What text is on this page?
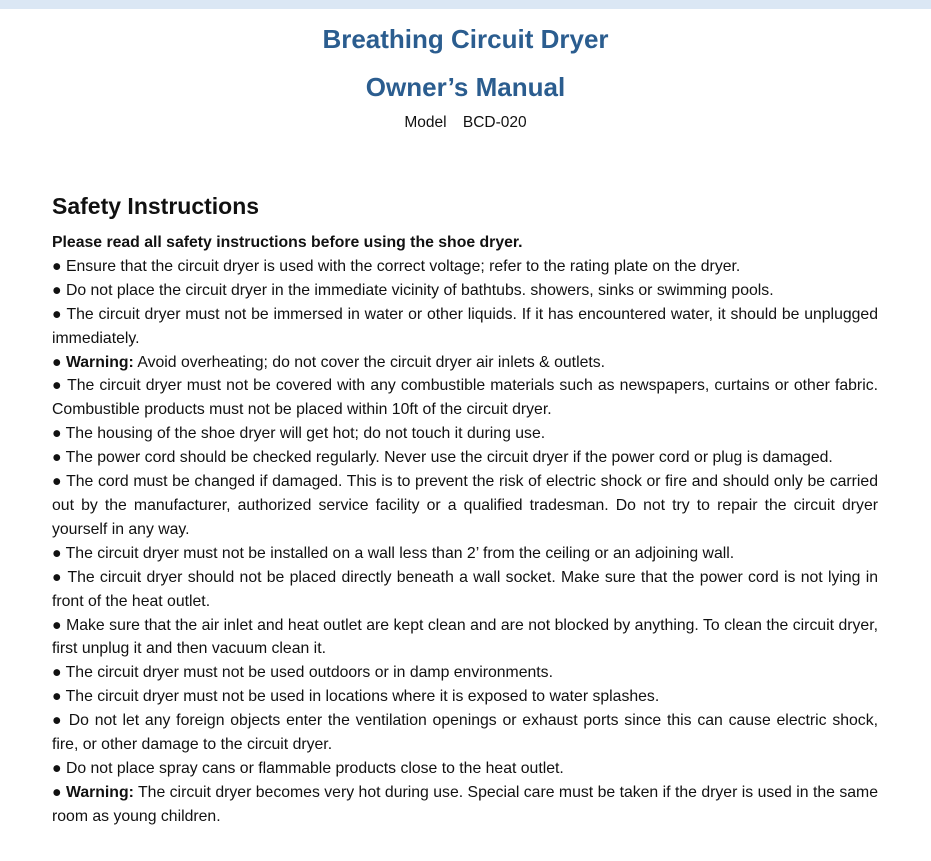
Breathing Circuit Dryer
Owner’s Manual
Model BCD-020
Safety Instructions

Please read all safety instructions before using the shoe dryer.

● Ensure that the circuit dryer is used with the correct voltage; refer to the rating plate on the dryer.

● Do not place the circuit dryer in the immediate vicinity of bathtubs. showers, sinks or swimming pools.

● The circuit dryer must not be immersed in water or other liquids. If it has encountered water, it should be unplugged immediately.

● Warning: Avoid overheating; do not cover the circuit dryer air inlets & outlets.

● The circuit dryer must not be covered with any combustible materials such as newspapers, curtains or other fabric. Combustible products must not be placed within 10ft of the circuit dryer.

● The housing of the shoe dryer will get hot; do not touch it during use.

● The power cord should be checked regularly. Never use the circuit dryer if the power cord or plug is damaged.

● The cord must be changed if damaged. This is to prevent the risk of electric shock or fire and should only be carried out by the manufacturer, authorized service facility or a qualified tradesman. Do not try to repair the circuit dryer yourself in any way.

● The circuit dryer must not be installed on a wall less than 2’ from the ceiling or an adjoining wall.

● The circuit dryer should not be placed directly beneath a wall socket. Make sure that the power cord is not lying in front of the heat outlet.

● Make sure that the air inlet and heat outlet are kept clean and are not blocked by anything. To clean the circuit dryer, first unplug it and then vacuum clean it.

● The circuit dryer must not be used outdoors or in damp environments.

● The circuit dryer must not be used in locations where it is exposed to water splashes.

● Do not let any foreign objects enter the ventilation openings or exhaust ports since this can cause electric shock, fire, or other damage to the circuit dryer.

● Do not place spray cans or flammable products close to the heat outlet.

● Warning: The circuit dryer becomes very hot during use. Special care must be taken if the dryer is used in the same room as young children.
